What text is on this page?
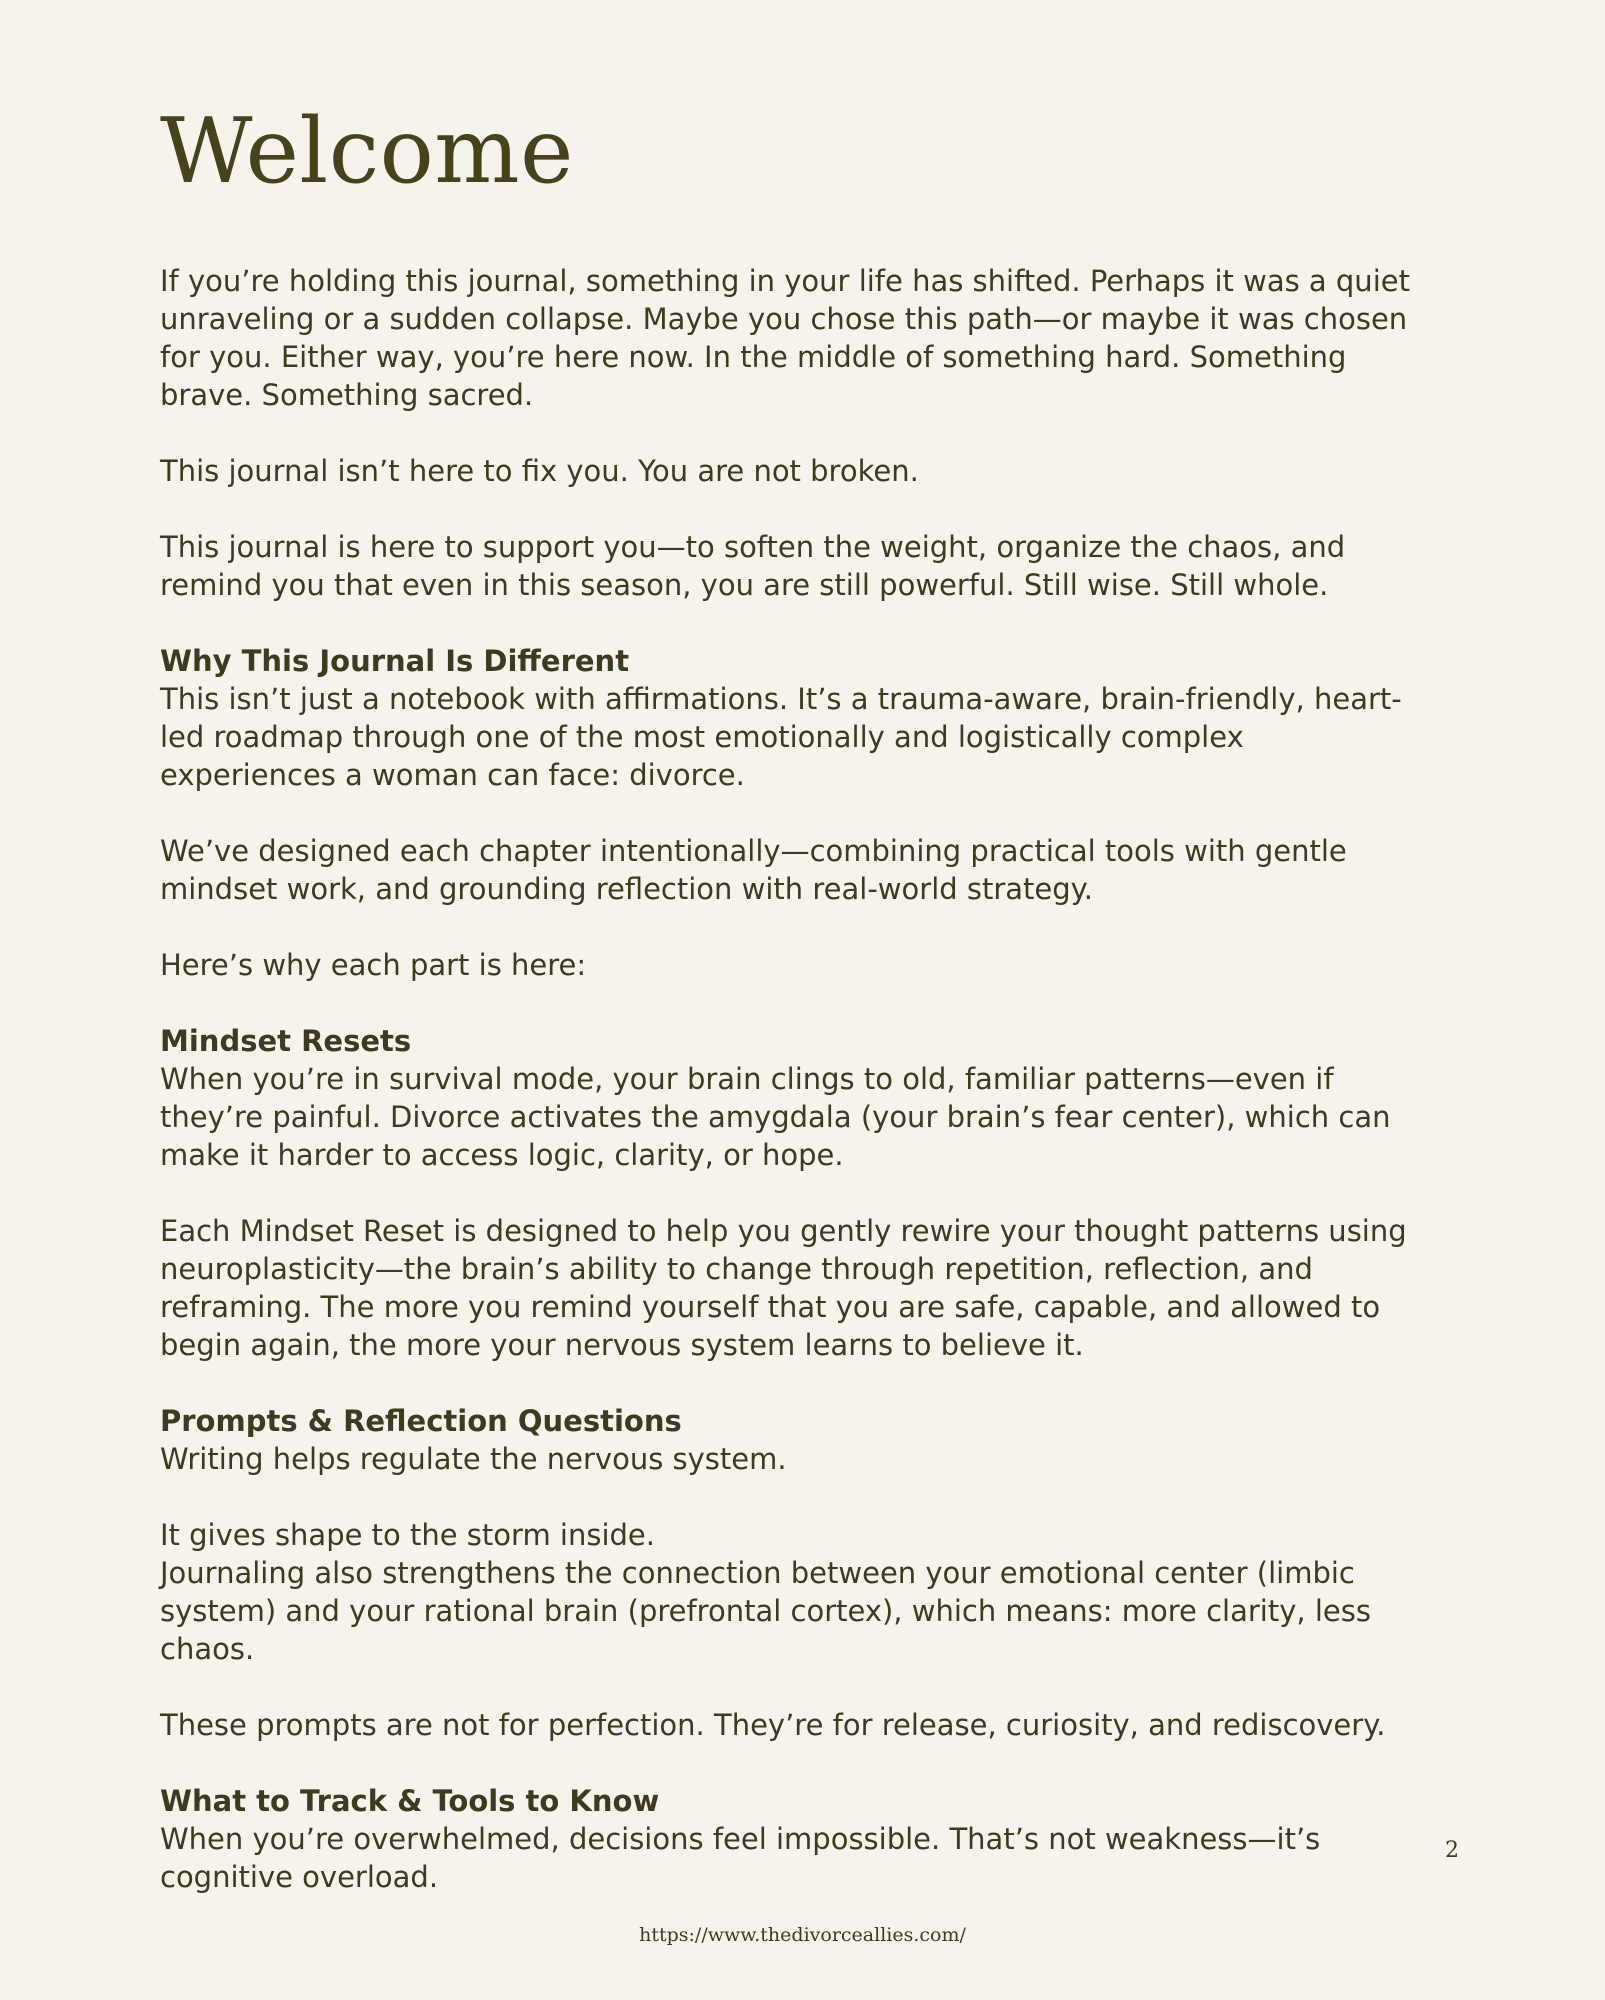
Welcome

If you’re holding this journal, something in your life has shifted. Perhaps it was a quiet unraveling or a sudden collapse. Maybe you chose this path—or maybe it was chosen for you. Either way, you’re here now. In the middle of something hard. Something brave. Something sacred.

This journal isn’t here to fix you. You are not broken.

This journal is here to support you—to soften the weight, organize the chaos, and remind you that even in this season, you are still powerful. Still wise. Still whole.

Why This Journal Is Different

This isn’t just a notebook with affirmations. It’s a trauma-aware, brain-friendly, heart-led roadmap through one of the most emotionally and logistically complex experiences a woman can face: divorce.

We’ve designed each chapter intentionally—combining practical tools with gentle mindset work, and grounding reflection with real-world strategy.

Here’s why each part is here:

Mindset Resets

When you’re in survival mode, your brain clings to old, familiar patterns—even if they’re painful. Divorce activates the amygdala (your brain’s fear center), which can make it harder to access logic, clarity, or hope.

Each Mindset Reset is designed to help you gently rewire your thought patterns using neuroplasticity—the brain’s ability to change through repetition, reflection, and reframing. The more you remind yourself that you are safe, capable, and allowed to begin again, the more your nervous system learns to believe it.

Prompts & Reflection Questions

Writing helps regulate the nervous system.

It gives shape to the storm inside.

Journaling also strengthens the connection between your emotional center (limbic system) and your rational brain (prefrontal cortex), which means: more clarity, less chaos.

These prompts are not for perfection. They’re for release, curiosity, and rediscovery.

What to Track & Tools to Know

When you’re overwhelmed, decisions feel impossible. That’s not weakness—it’s cognitive overload.

2
https://www.thedivorceallies.com/
